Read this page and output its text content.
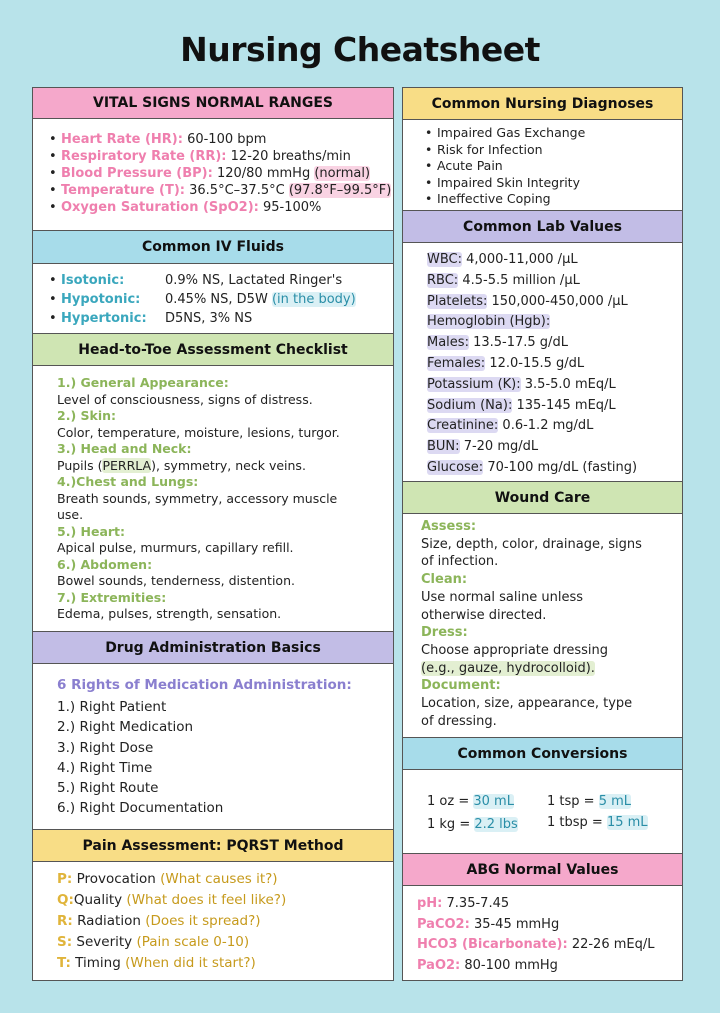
Nursing Cheatsheet
VITAL SIGNS NORMAL RANGES
• Heart Rate (HR): 60-100 bpm
• Respiratory Rate (RR): 12-20 breaths/min
• Blood Pressure (BP): 120/80 mmHg (normal)
• Temperature (T): 36.5°C–37.5°C (97.8°F–99.5°F)
• Oxygen Saturation (SpO2): 95-100%
Common IV Fluids
• Isotonic:	0.9% NS, Lactated Ringer's
• Hypotonic: 0.45% NS, D5W (in the body)
• Hypertonic: D5NS, 3% NS
Head-to-Toe Assessment Checklist
1.) General Appearance:
Level of consciousness, signs of distress.
2.) Skin:
Color, temperature, moisture, lesions, turgor.
3.) Head and Neck:
Pupils (PERRLA), symmetry, neck veins.
4.)Chest and Lungs:
Breath sounds, symmetry, accessory muscle
use.
5.) Heart:
Apical pulse, murmurs, capillary refill.
6.) Abdomen:
Bowel sounds, tenderness, distention.
7.) Extremities:
Edema, pulses, strength, sensation.
Drug Administration Basics
6 Rights of Medication Administration:
1.) Right Patient
2.) Right Medication
3.) Right Dose
4.) Right Time
5.) Right Route
6.) Right Documentation
Pain Assessment: PQRST Method
P: Provocation (What causes it?)
Q:Quality (What does it feel like?)
R: Radiation (Does it spread?)
S: Severity (Pain scale 0-10)
T: Timing (When did it start?)
Common Nursing Diagnoses
• Impaired Gas Exchange
• Risk for Infection
• Acute Pain
• Impaired Skin Integrity
• Ineffective Coping
Common Lab Values
WBC: 4,000-11,000 /μL
RBC: 4.5-5.5 million /μL
Platelets: 150,000-450,000 /μL
Hemoglobin (Hgb):
Males: 13.5-17.5 g/dL
Females: 12.0-15.5 g/dL
Potassium (K): 3.5-5.0 mEq/L
Sodium (Na): 135-145 mEq/L
Creatinine: 0.6-1.2 mg/dL
BUN: 7-20 mg/dL
Glucose: 70-100 mg/dL (fasting)
Wound Care
Assess:
Size, depth, color, drainage, signs
of infection.
Clean:
Use normal saline unless
otherwise directed.
Dress:
Choose appropriate dressing
(e.g., gauze, hydrocolloid).
Document:
Location, size, appearance, type
of dressing.
Common Conversions
1 oz = 30 mL	1 tsp = 5 mL
1 kg = 2.2 lbs 1 tbsp = 15 mL
ABG Normal Values
pH: 7.35-7.45
PaCO2: 35-45 mmHg
HCO3 (Bicarbonate): 22-26 mEq/L
PaO2: 80-100 mmHg
